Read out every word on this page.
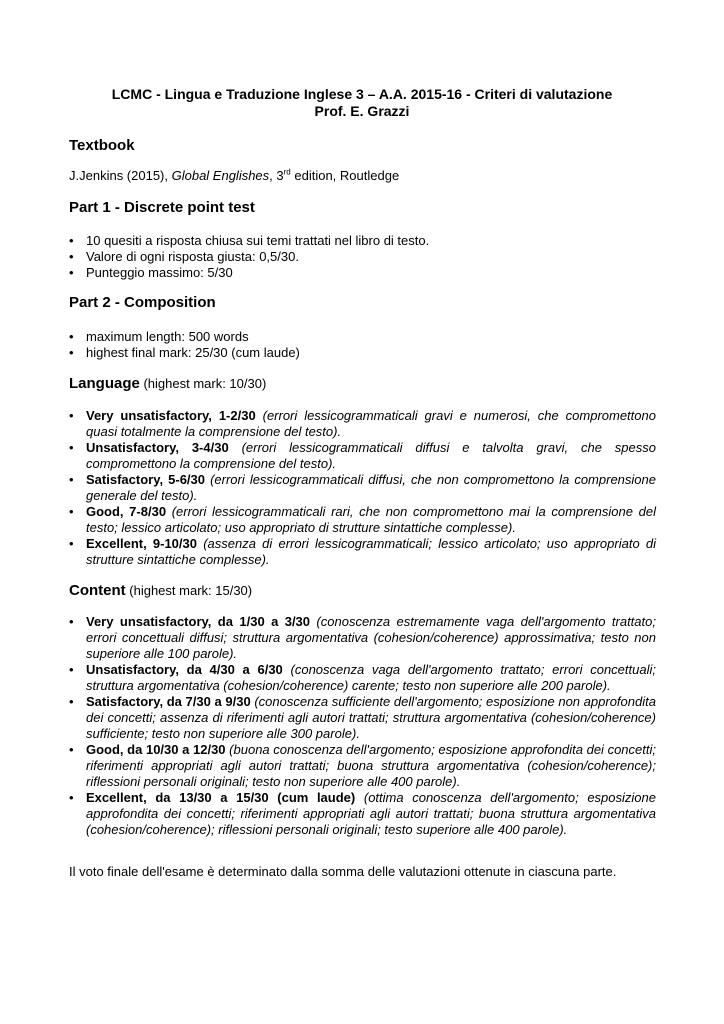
LCMC - Lingua e Traduzione Inglese 3 – A.A. 2015-16 - Criteri di valutazione
Prof. E. Grazzi
Textbook
J.Jenkins (2015), Global Englishes, 3rd edition, Routledge
Part 1 - Discrete point test
• 10 quesiti a risposta chiusa sui temi trattati nel libro di testo.
• Valore di ogni risposta giusta: 0,5/30.
• Punteggio massimo: 5/30
Part 2 - Composition
• maximum length: 500 words
• highest final mark: 25/30 (cum laude)
Language (highest mark: 10/30)
• Very unsatisfactory, 1-2/30 (errori lessicogrammaticali gravi e numerosi, che compromettono quasi totalmente la comprensione del testo).
• Unsatisfactory, 3-4/30 (errori lessicogrammaticali diffusi e talvolta gravi, che spesso compromettono la comprensione del testo).
• Satisfactory, 5-6/30 (errori lessicogrammaticali diffusi, che non compromettono la comprensione generale del testo).
• Good, 7-8/30 (errori lessicogrammaticali rari, che non compromettono mai la comprensione del testo; lessico articolato; uso appropriato di strutture sintattiche complesse).
• Excellent, 9-10/30 (assenza di errori lessicogrammaticali; lessico articolato; uso appropriato di strutture sintattiche complesse).
Content (highest mark: 15/30)
• Very unsatisfactory, da 1/30 a 3/30 (conoscenza estremamente vaga dell'argomento trattato; errori concettuali diffusi; struttura argomentativa (cohesion/coherence) approssimativa; testo non superiore alle 100 parole).
• Unsatisfactory, da 4/30 a 6/30 (conoscenza vaga dell'argomento trattato; errori concettuali; struttura argomentativa (cohesion/coherence) carente; testo non superiore alle 200 parole).
• Satisfactory, da 7/30 a 9/30 (conoscenza sufficiente dell'argomento; esposizione non approfondita dei concetti; assenza di riferimenti agli autori trattati; struttura argomentativa (cohesion/coherence) sufficiente; testo non superiore alle 300 parole).
• Good, da 10/30 a 12/30 (buona conoscenza dell'argomento; esposizione approfondita dei concetti; riferimenti appropriati agli autori trattati; buona struttura argomentativa (cohesion/coherence); riflessioni personali originali; testo non superiore alle 400 parole).
• Excellent, da 13/30 a 15/30 (cum laude) (ottima conoscenza dell'argomento; esposizione approfondita dei concetti; riferimenti appropriati agli autori trattati; buona struttura argomentativa (cohesion/coherence); riflessioni personali originali; testo superiore alle 400 parole).
Il voto finale dell'esame è determinato dalla somma delle valutazioni ottenute in ciascuna parte.
